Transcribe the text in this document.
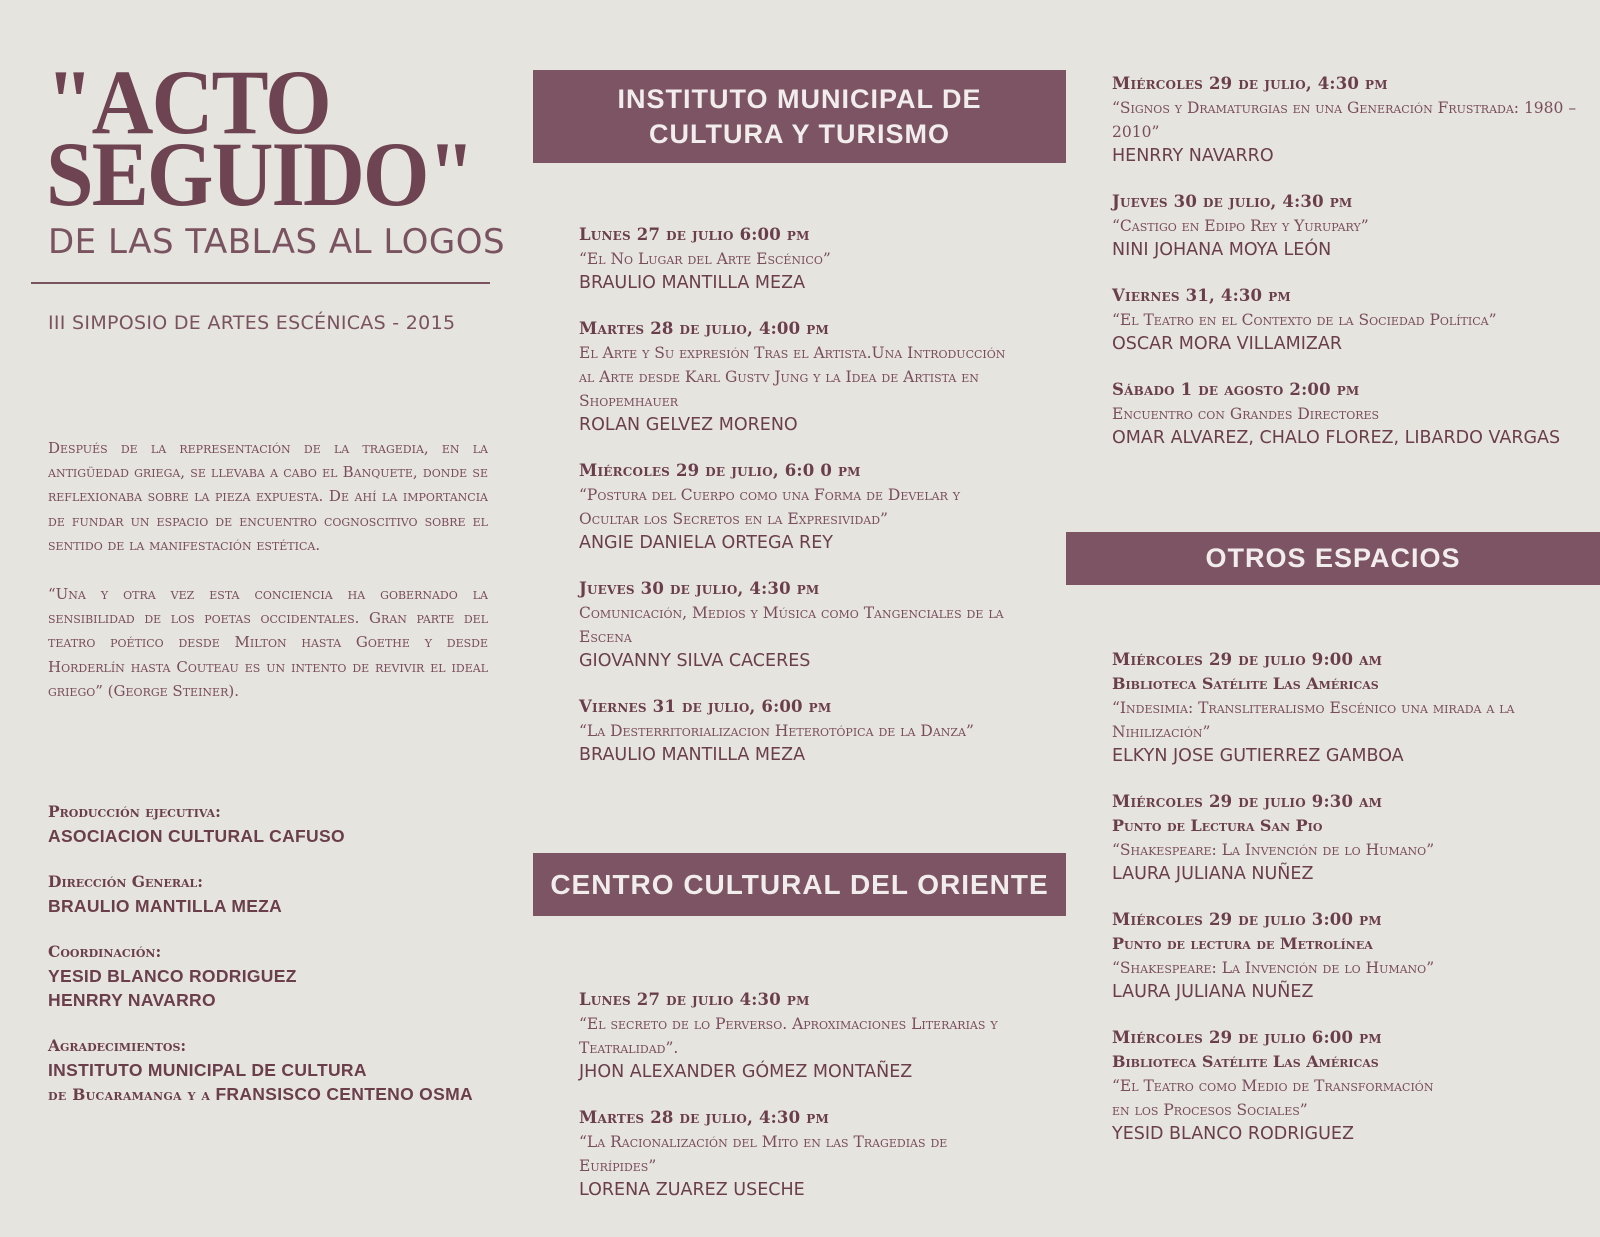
"ACTO
SEGUIDO"
DE LAS TABLAS AL LOGOS
III SIMPOSIO DE ARTES ESCÉNICAS - 2015
Después de la representación de la tragedia, en la antigüedad griega, se llevaba a cabo el Banquete, donde se reflexionaba sobre la pieza expuesta. De ahí la importancia de fundar un espacio de encuentro cognoscitivo sobre el sentido de la manifestación estética.
“Una y otra vez esta conciencia ha gobernado la sensibilidad de los poetas occidentales. Gran parte del teatro poético desde Milton hasta Goethe y desde Horderlín hasta Couteau es un intento de revivir el ideal griego” (George Steiner).
Producción ejecutiva:
ASOCIACION CULTURAL CAFUSO
Dirección General:
BRAULIO MANTILLA MEZA
Coordinación:
YESID BLANCO RODRIGUEZ
HENRRY NAVARRO
Agradecimientos:
INSTITUTO MUNICIPAL DE CULTURA
de Bucaramanga y a FRANSISCO CENTENO OSMA
INSTITUTO MUNICIPAL DE
CULTURA Y TURISMO
Lunes 27 de julio 6:00 pm
“El No Lugar del Arte Escénico”
BRAULIO MANTILLA MEZA
Martes 28 de julio, 4:00 pm
El Arte y Su expresión Tras el Artista.Una Introducción al Arte desde Karl Gustv Jung y la Idea de Artista en Shopemhauer
ROLAN GELVEZ MORENO
Miércoles 29 de julio, 6:0 0 pm
“Postura del Cuerpo como una Forma de Develar y Ocultar los Secretos en la Expresividad”
ANGIE DANIELA ORTEGA REY
Jueves 30 de julio, 4:30 pm
Comunicación, Medios y Música como Tangenciales de la Escena
GIOVANNY SILVA CACERES
Viernes 31 de julio, 6:00 pm
“La Desterritorializacion Heterotópica de la Danza”
BRAULIO MANTILLA MEZA
CENTRO CULTURAL DEL ORIENTE
Lunes 27 de julio 4:30 pm
“El secreto de lo Perverso. Aproximaciones Literarias y Teatralidad”.
JHON ALEXANDER GÓMEZ MONTAÑEZ
Martes 28 de julio, 4:30 pm
“La Racionalización del Mito en las Tragedias de Eurípides”
LORENA ZUAREZ USECHE
Miércoles 29 de julio, 4:30 pm
“Signos y Dramaturgias en una Generación Frustrada: 1980 – 2010”
HENRRY NAVARRO
Jueves 30 de julio, 4:30 pm
“Castigo en Edipo Rey y Yurupary”
NINI JOHANA MOYA LEÓN
Viernes 31, 4:30 pm
“El Teatro en el Contexto de la Sociedad Política”
OSCAR MORA VILLAMIZAR
Sábado 1 de agosto 2:00 pm
Encuentro con Grandes Directores
OMAR ALVAREZ, CHALO FLOREZ, LIBARDO VARGAS
OTROS ESPACIOS
Miércoles 29 de julio 9:00 am
Biblioteca Satélite Las Américas
“Indesimia: Transliteralismo Escénico una mirada a la Nihilización”
ELKYN JOSE GUTIERREZ GAMBOA
Miércoles 29 de julio 9:30 am
Punto de Lectura San Pio
“Shakespeare: La Invención de lo Humano”
LAURA JULIANA NUÑEZ
Miércoles 29 de julio 3:00 pm
Punto de lectura de Metrolínea
“Shakespeare: La Invención de lo Humano”
LAURA JULIANA NUÑEZ
Miércoles 29 de julio 6:00 pm
Biblioteca Satélite Las Américas
“El Teatro como Medio de Transformación en los Procesos Sociales”
YESID BLANCO RODRIGUEZ
